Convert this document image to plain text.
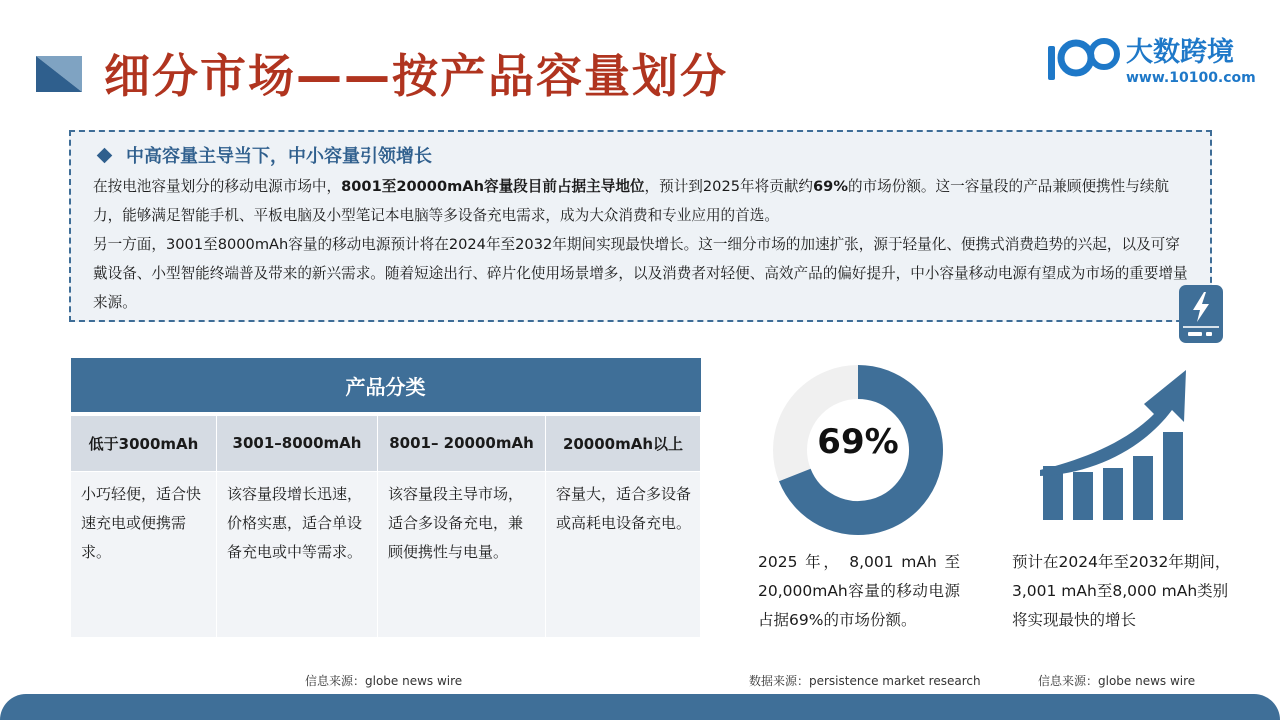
细分市场——按产品容量划分	大数跨境
www.10100.com
中高容量主导当下，中小容量引领增长

在按电池容量划分的移动电源市场中，8001至20000mAh容量段目前占据主导地位，预计到2025年将贡献约69%的市场份额。这一容量段的产品兼顾便携性与续航力，能够满足智能手机、平板电脑及小型笔记本电脑等多设备充电需求，成为大众消费和专业应用的首选。

另一方面，3001至8000mAh容量的移动电源预计将在2024年至2032年期间实现最快增长。这一细分市场的加速扩张，源于轻量化、便携式消费趋势的兴起，以及可穿戴设备、小型智能终端普及带来的新兴需求。随着短途出行、碎片化使用场景增多，以及消费者对轻便、高效产品的偏好提升，中小容量移动电源有望成为市场的重要增量来源。

产品分类			

低于3000mAh	3001–8000mAh	8001– 20000mAh	20000mAh以上
小巧轻便，适合快速充电或便携需求。	该容量段增长迅速，价格实惠，适合单设备充电或中等需求。	该容量段主导市场，适合多设备充电，兼顾便携性与电量。	容量大，适合多设备或高耗电设备充电。
69%
2025 年， 8,001 mAh 至20,000mAh容量的移动电源占据69%的市场份额。
预计在2024年至2032年期间，3,001 mAh至8,000 mAh类别将实现最快的增长
信息来源：globe news wire	数据来源：persistence market research	信息来源：globe news wire
